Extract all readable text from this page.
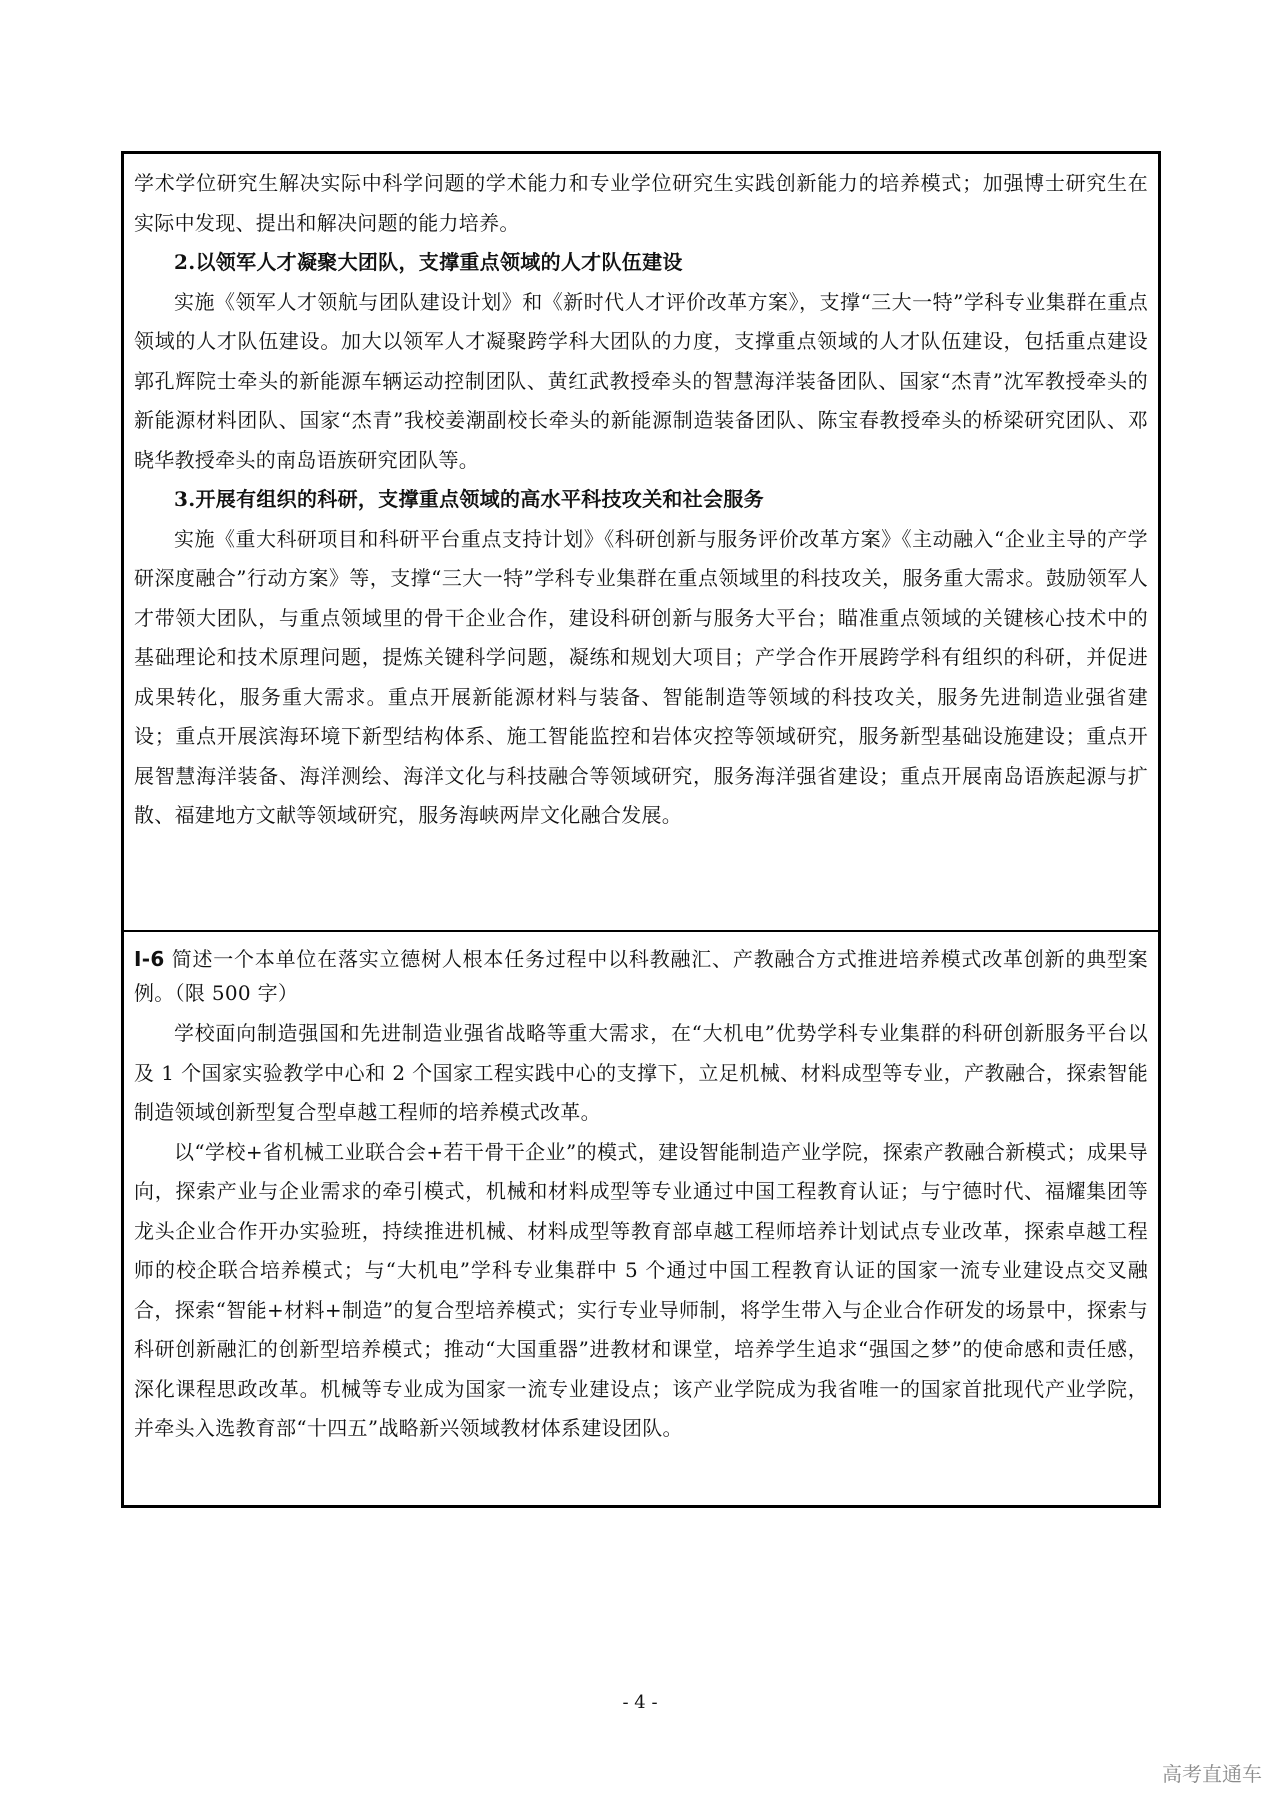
学术学位研究生解决实际中科学问题的学术能力和专业学位研究生实践创新能力的培养模式；加强博士研究生在实际中发现、提出和解决问题的能力培养。

2.以领军人才凝聚大团队，支撑重点领域的人才队伍建设

实施《领军人才领航与团队建设计划》和《新时代人才评价改革方案》，支撑“三大一特”学科专业集群在重点领域的人才队伍建设。加大以领军人才凝聚跨学科大团队的力度，支撑重点领域的人才队伍建设，包括重点建设郭孔辉院士牵头的新能源车辆运动控制团队、黄红武教授牵头的智慧海洋装备团队、国家“杰青”沈军教授牵头的新能源材料团队、国家“杰青”我校姜潮副校长牵头的新能源制造装备团队、陈宝春教授牵头的桥梁研究团队、邓晓华教授牵头的南岛语族研究团队等。

3.开展有组织的科研，支撑重点领域的高水平科技攻关和社会服务

实施《重大科研项目和科研平台重点支持计划》《科研创新与服务评价改革方案》《主动融入“企业主导的产学研深度融合”行动方案》等，支撑“三大一特”学科专业集群在重点领域里的科技攻关，服务重大需求。鼓励领军人才带领大团队，与重点领域里的骨干企业合作，建设科研创新与服务大平台；瞄准重点领域的关键核心技术中的基础理论和技术原理问题，提炼关键科学问题，凝练和规划大项目；产学合作开展跨学科有组织的科研，并促进成果转化，服务重大需求。重点开展新能源材料与装备、智能制造等领域的科技攻关，服务先进制造业强省建设；重点开展滨海环境下新型结构体系、施工智能监控和岩体灾控等领域研究，服务新型基础设施建设；重点开展智慧海洋装备、海洋测绘、海洋文化与科技融合等领域研究，服务海洋强省建设；重点开展南岛语族起源与扩散、福建地方文献等领域研究，服务海峡两岸文化融合发展。

I-6 简述一个本单位在落实立德树人根本任务过程中以科教融汇、产教融合方式推进培养模式改革创新的典型案例。（限 500 字）

学校面向制造强国和先进制造业强省战略等重大需求，在“大机电”优势学科专业集群的科研创新服务平台以及 1 个国家实验教学中心和 2 个国家工程实践中心的支撑下，立足机械、材料成型等专业，产教融合，探索智能制造领域创新型复合型卓越工程师的培养模式改革。

以“学校+省机械工业联合会+若干骨干企业”的模式，建设智能制造产业学院，探索产教融合新模式；成果导向，探索产业与企业需求的牵引模式，机械和材料成型等专业通过中国工程教育认证；与宁德时代、福耀集团等龙头企业合作开办实验班，持续推进机械、材料成型等教育部卓越工程师培养计划试点专业改革，探索卓越工程师的校企联合培养模式；与“大机电”学科专业集群中 5 个通过中国工程教育认证的国家一流专业建设点交叉融合，探索“智能+材料+制造”的复合型培养模式；实行专业导师制，将学生带入与企业合作研发的场景中，探索与科研创新融汇的创新型培养模式；推动“大国重器”进教材和课堂，培养学生追求“强国之梦”的使命感和责任感，深化课程思政改革。机械等专业成为国家一流专业建设点；该产业学院成为我省唯一的国家首批现代产业学院，并牵头入选教育部“十四五”战略新兴领域教材体系建设团队。

- 4 -
高考直通车
